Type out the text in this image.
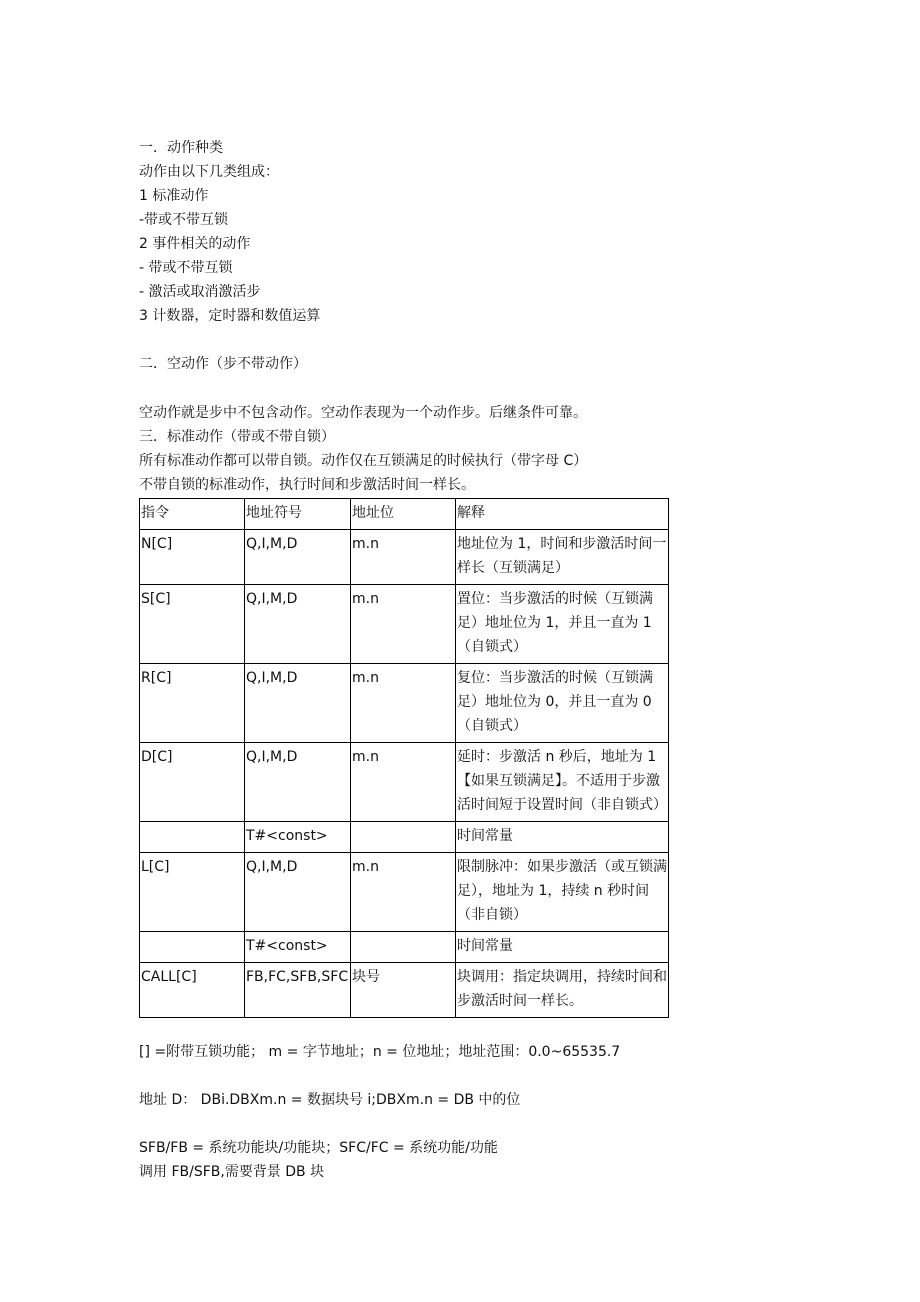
一．动作种类
动作由以下几类组成：
1 标准动作
-带或不带互锁
2 事件相关的动作
- 带或不带互锁
- 激活或取消激活步
3 计数器，定时器和数值运算
二．空动作（步不带动作）
空动作就是步中不包含动作。空动作表现为一个动作步。后继条件可靠。
三．标准动作（带或不带自锁）
所有标准动作都可以带自锁。动作仅在互锁满足的时候执行（带字母 C）
不带自锁的标准动作，执行时间和步激活时间一样长。
指令	地址符号	地址位	解释
N[C]	Q,I,M,D	m.n	地址位为 1，时间和步激活时间一样长（互锁满足）
S[C]	Q,I,M,D	m.n	置位：当步激活的时候（互锁满足）地址位为 1，并且一直为 1（自锁式）
R[C]	Q,I,M,D	m.n	复位：当步激活的时候（互锁满足）地址位为 0，并且一直为 0（自锁式）
D[C]	Q,I,M,D	m.n	延时：步激活 n 秒后，地址为 1【如果互锁满足】。不适用于步激活时间短于设置时间（非自锁式）
	T#<const>		时间常量
L[C]	Q,I,M,D	m.n	限制脉冲：如果步激活（或互锁满足），地址为 1，持续 n 秒时间（非自锁）
	T#<const>		时间常量
CALL[C]	FB,FC,SFB,SFC	块号	块调用：指定块调用，持续时间和步激活时间一样长。
[] =附带互锁功能； m = 字节地址；n = 位地址；地址范围：0.0~65535.7
地址 D： DBi.DBXm.n = 数据块号 i;DBXm.n = DB 中的位
SFB/FB = 系统功能块/功能块；SFC/FC = 系统功能/功能
调用 FB/SFB,需要背景 DB 块
